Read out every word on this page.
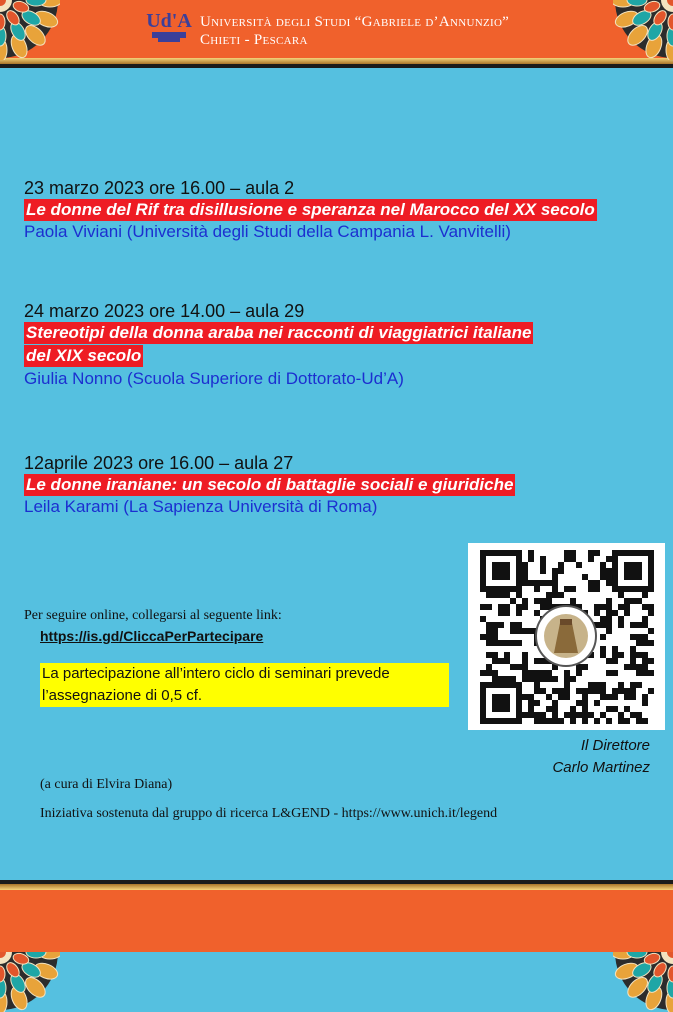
Ud'A Università degli Studi “Gabriele d’Annunzio”
Chieti - Pescara
23 marzo 2023 ore 16.00 – aula 2
Le donne del Rif tra disillusione e speranza nel Marocco del XX secolo
Paola Viviani (Università degli Studi della Campania L. Vanvitelli)
24 marzo 2023 ore 14.00 – aula 29
Stereotipi della donna araba nei racconti di viaggiatrici italiane
del XIX secolo
Giulia Nonno (Scuola Superiore di Dottorato-Ud’A)
12aprile 2023 ore 16.00 – aula 27
Le donne iraniane: un secolo di battaglie sociali e giuridiche
Leila Karami (La Sapienza Università di Roma)
Per seguire online, collegarsi al seguente link:
https://is.gd/CliccaPerPartecipare
La partecipazione all’intero ciclo di seminari prevede l’assegnazione di 0,5 cf.
Il Direttore
Carlo Martinez
(a cura di Elvira Diana)
Iniziativa sostenuta dal gruppo di ricerca L&GEND - https://www.unich.it/legend
